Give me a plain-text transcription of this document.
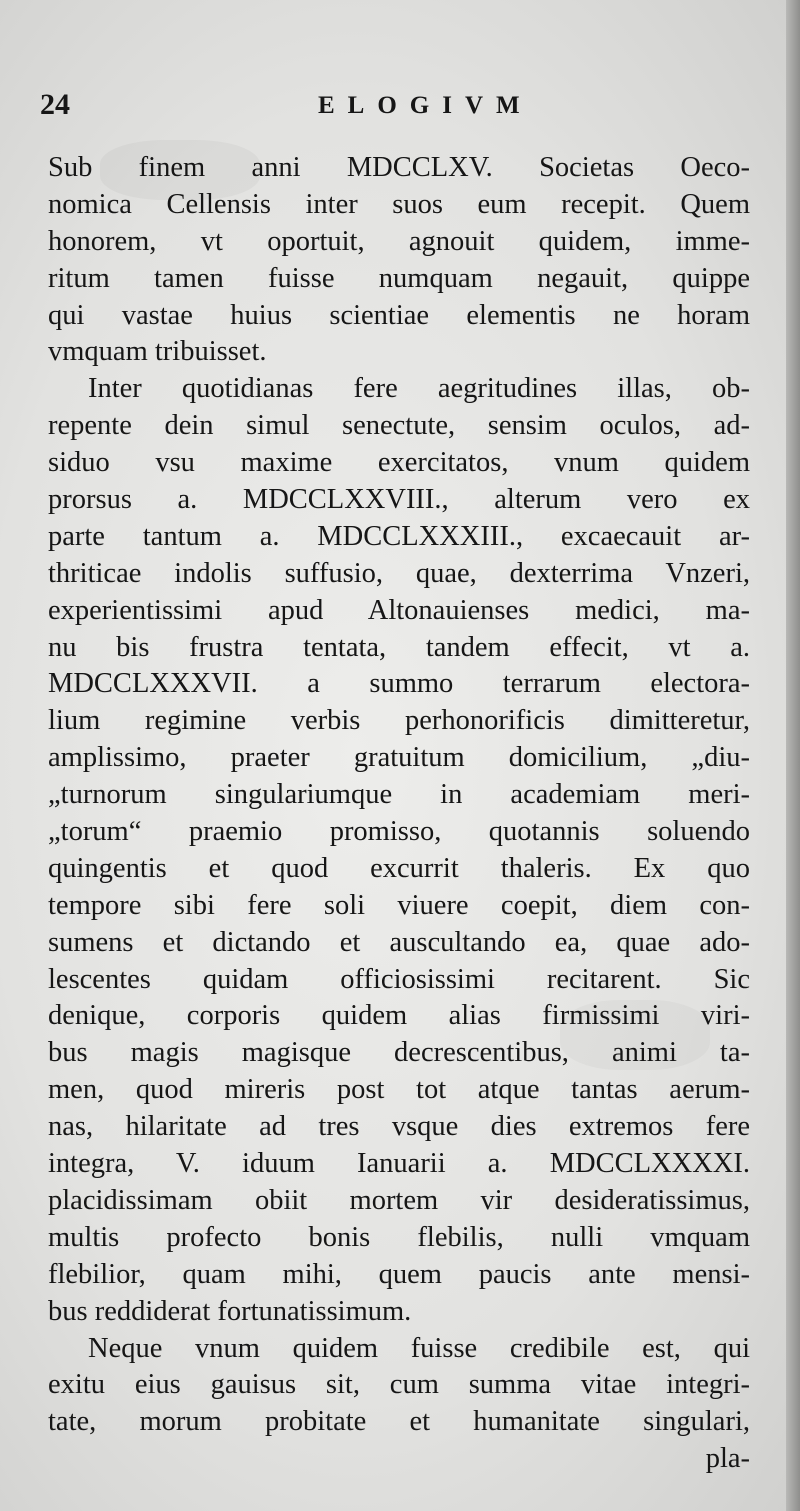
24	ELOGIVM
Sub finem anni MDCCLXV. Societas Oeco-
nomica Cellensis inter suos eum recepit. Quem
honorem, vt oportuit, agnouit quidem, imme-
ritum tamen fuisse numquam negauit, quippe
qui vastae huius scientiae elementis ne horam
vmquam tribuisset.
Inter quotidianas fere aegritudines illas, ob-
repente dein simul senectute, sensim oculos, ad-
siduo vsu maxime exercitatos, vnum quidem
prorsus a. MDCCLXXVIII., alterum vero ex
parte tantum a. MDCCLXXXIII., excaecauit ar-
thriticae indolis suffusio, quae, dexterrima Vnzeri,
experientissimi apud Altonauienses medici, ma-
nu bis frustra tentata, tandem effecit, vt a.
MDCCLXXXVII. a summo terrarum electora-
lium regimine verbis perhonorificis dimitteretur,
amplissimo, praeter gratuitum domicilium, „diu-
„turnorum singulariumque in academiam meri-
„torum“ praemio promisso, quotannis soluendo
quingentis et quod excurrit thaleris. Ex quo
tempore sibi fere soli viuere coepit, diem con-
sumens et dictando et auscultando ea, quae ado-
lescentes quidam officiosissimi recitarent. Sic
denique, corporis quidem alias firmissimi viri-
bus magis magisque decrescentibus, animi ta-
men, quod mireris post tot atque tantas aerum-
nas, hilaritate ad tres vsque dies extremos fere
integra, V. iduum Ianuarii a. MDCCLXXXXI.
placidissimam obiit mortem vir desideratissimus,
multis profecto bonis flebilis, nulli vmquam
flebilior, quam mihi, quem paucis ante mensi-
bus reddiderat fortunatissimum.
Neque vnum quidem fuisse credibile est, qui
exitu eius gauisus sit, cum summa vitae integri-
tate, morum probitate et humanitate singulari,
pla-
